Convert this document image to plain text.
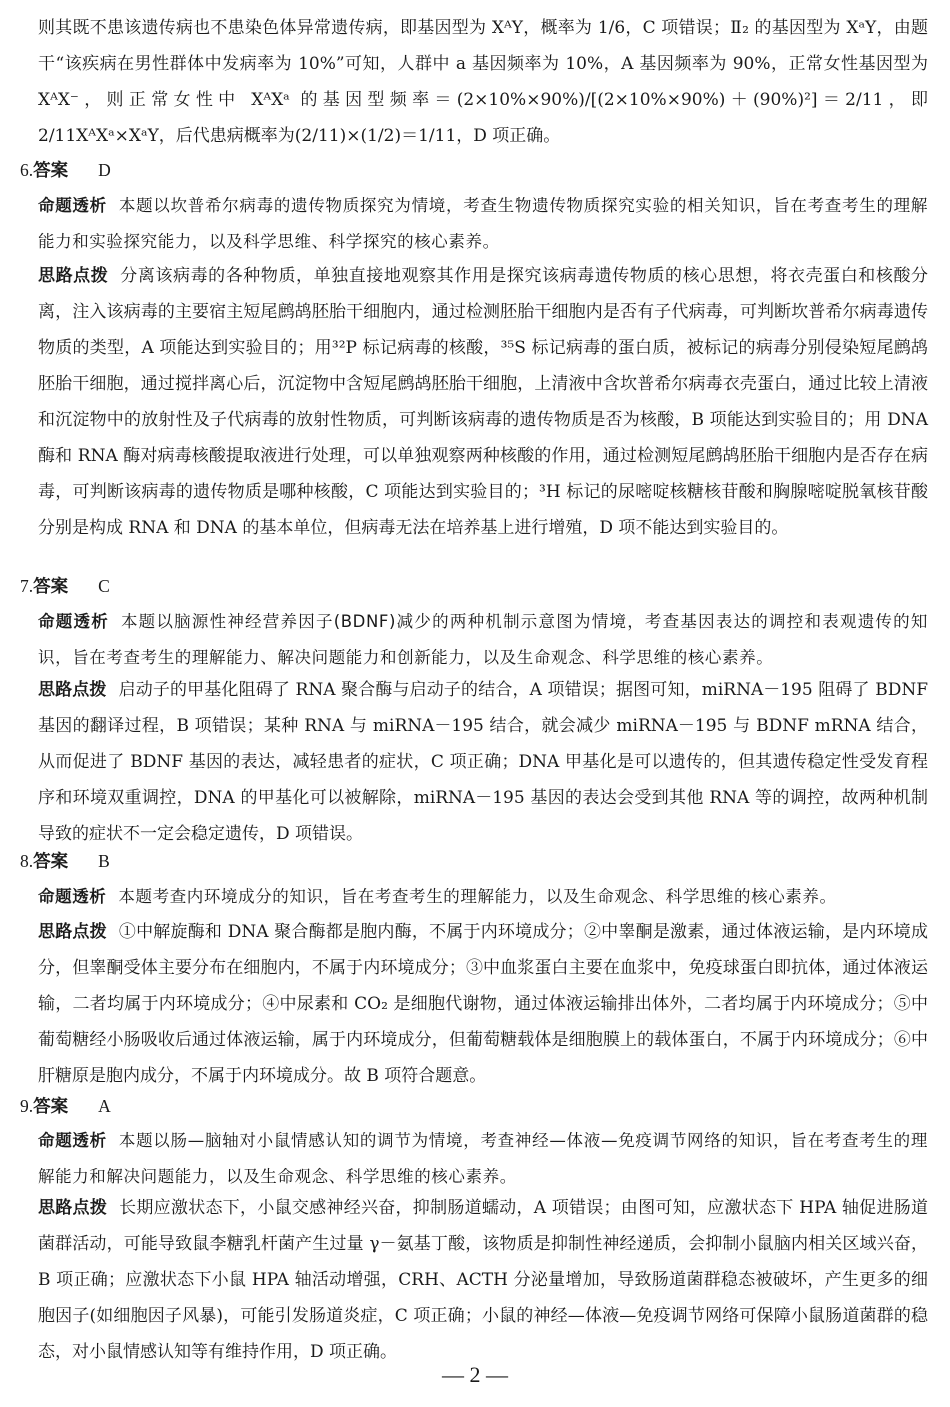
则其既不患该遗传病也不患染色体异常遗传病，即基因型为 XᴬY，概率为 1/6，C 项错误；Ⅱ₂ 的基因型为 XᵃY，由题干“该疾病在男性群体中发病率为 10%”可知，人群中 a 基因频率为 10%，A 基因频率为 90%，正常女性基因型为 XᴬX⁻，则正常女性中 XᴬXᵃ 的基因型频率＝(2×10%×90%)/[(2×10%×90%)＋(90%)²]＝2/11，即 2/11XᴬXᵃ×XᵃY，后代患病概率为(2/11)×(1/2)＝1/11，D 项正确。

6.答案 D

命题透析 本题以坎普希尔病毒的遗传物质探究为情境，考查生物遗传物质探究实验的相关知识，旨在考查考生的理解能力和实验探究能力，以及科学思维、科学探究的核心素养。

思路点拨 分离该病毒的各种物质，单独直接地观察其作用是探究该病毒遗传物质的核心思想，将衣壳蛋白和核酸分离，注入该病毒的主要宿主短尾鹧鸪胚胎干细胞内，通过检测胚胎干细胞内是否有子代病毒，可判断坎普希尔病毒遗传物质的类型，A 项能达到实验目的；用³²P 标记病毒的核酸，³⁵S 标记病毒的蛋白质，被标记的病毒分别侵染短尾鹧鸪胚胎干细胞，通过搅拌离心后，沉淀物中含短尾鹧鸪胚胎干细胞，上清液中含坎普希尔病毒衣壳蛋白，通过比较上清液和沉淀物中的放射性及子代病毒的放射性物质，可判断该病毒的遗传物质是否为核酸，B 项能达到实验目的；用 DNA 酶和 RNA 酶对病毒核酸提取液进行处理，可以单独观察两种核酸的作用，通过检测短尾鹧鸪胚胎干细胞内是否存在病毒，可判断该病毒的遗传物质是哪种核酸，C 项能达到实验目的；³H 标记的尿嘧啶核糖核苷酸和胸腺嘧啶脱氧核苷酸分别是构成 RNA 和 DNA 的基本单位，但病毒无法在培养基上进行增殖，D 项不能达到实验目的。

7.答案 C

命题透析 本题以脑源性神经营养因子(BDNF)减少的两种机制示意图为情境，考查基因表达的调控和表观遗传的知识，旨在考查考生的理解能力、解决问题能力和创新能力，以及生命观念、科学思维的核心素养。

思路点拨 启动子的甲基化阻碍了 RNA 聚合酶与启动子的结合，A 项错误；据图可知，miRNA－195 阻碍了 BDNF 基因的翻译过程，B 项错误；某种 RNA 与 miRNA－195 结合，就会减少 miRNA－195 与 BDNF mRNA 结合，从而促进了 BDNF 基因的表达，减轻患者的症状，C 项正确；DNA 甲基化是可以遗传的，但其遗传稳定性受发育程序和环境双重调控，DNA 的甲基化可以被解除，miRNA－195 基因的表达会受到其他 RNA 等的调控，故两种机制导致的症状不一定会稳定遗传，D 项错误。

8.答案 B

命题透析 本题考查内环境成分的知识，旨在考查考生的理解能力，以及生命观念、科学思维的核心素养。

思路点拨 ①中解旋酶和 DNA 聚合酶都是胞内酶，不属于内环境成分；②中睾酮是激素，通过体液运输，是内环境成分，但睾酮受体主要分布在细胞内，不属于内环境成分；③中血浆蛋白主要在血浆中，免疫球蛋白即抗体，通过体液运输，二者均属于内环境成分；④中尿素和 CO₂ 是细胞代谢物，通过体液运输排出体外，二者均属于内环境成分；⑤中葡萄糖经小肠吸收后通过体液运输，属于内环境成分，但葡萄糖载体是细胞膜上的载体蛋白，不属于内环境成分；⑥中肝糖原是胞内成分，不属于内环境成分。故 B 项符合题意。

9.答案 A

命题透析 本题以肠—脑轴对小鼠情感认知的调节为情境，考查神经—体液—免疫调节网络的知识，旨在考查考生的理解能力和解决问题能力，以及生命观念、科学思维的核心素养。

思路点拨 长期应激状态下，小鼠交感神经兴奋，抑制肠道蠕动，A 项错误；由图可知，应激状态下 HPA 轴促进肠道菌群活动，可能导致鼠李糖乳杆菌产生过量 γ－氨基丁酸，该物质是抑制性神经递质，会抑制小鼠脑内相关区域兴奋，B 项正确；应激状态下小鼠 HPA 轴活动增强，CRH、ACTH 分泌量增加，导致肠道菌群稳态被破坏，产生更多的细胞因子(如细胞因子风暴)，可能引发肠道炎症，C 项正确；小鼠的神经—体液—免疫调节网络可保障小鼠肠道菌群的稳态，对小鼠情感认知等有维持作用，D 项正确。

— 2 —
